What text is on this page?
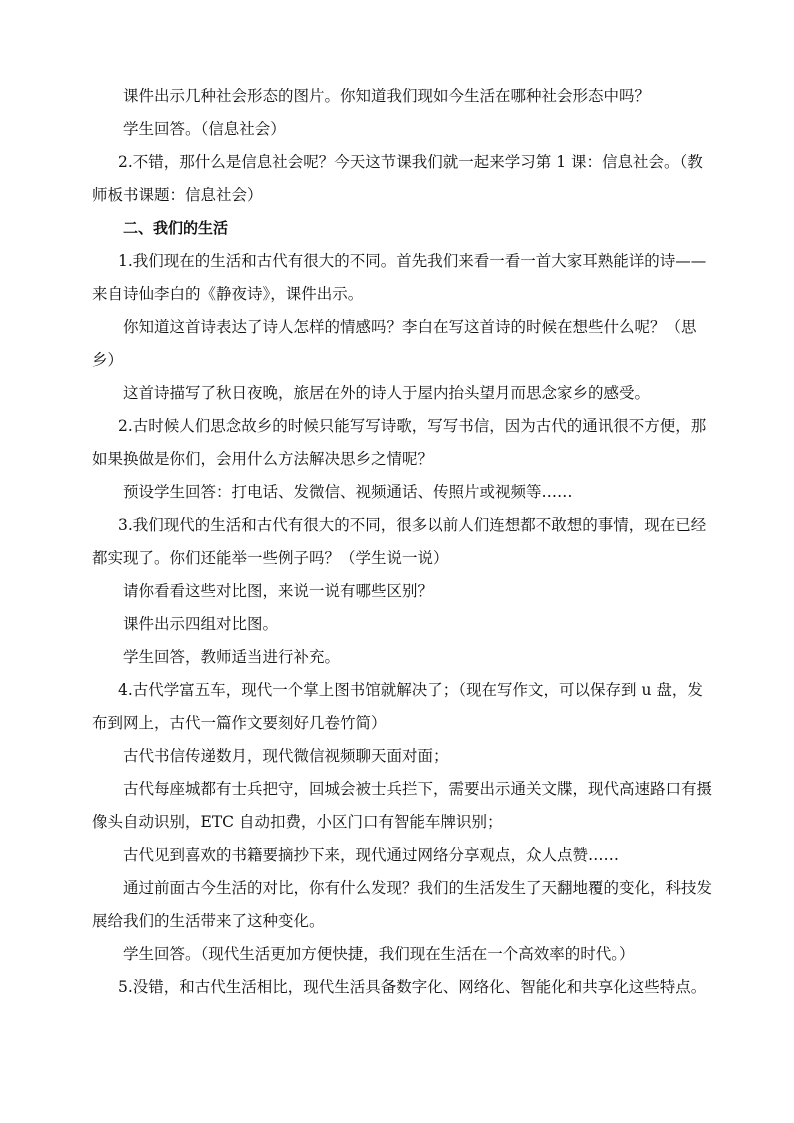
课件出示几种社会形态的图片。你知道我们现如今生活在哪种社会形态中吗？

学生回答。（信息社会）

2.不错，那什么是信息社会呢？今天这节课我们就一起来学习第 1 课：信息社会。（教师板书课题：信息社会）

二、我们的生活

1.我们现在的生活和古代有很大的不同。首先我们来看一看一首大家耳熟能详的诗——来自诗仙李白的《静夜诗》，课件出示。

你知道这首诗表达了诗人怎样的情感吗？李白在写这首诗的时候在想些什么呢？（思乡）

这首诗描写了秋日夜晚，旅居在外的诗人于屋内抬头望月而思念家乡的感受。

2.古时候人们思念故乡的时候只能写写诗歌，写写书信，因为古代的通讯很不方便，那如果换做是你们，会用什么方法解决思乡之情呢？

预设学生回答：打电话、发微信、视频通话、传照片或视频等……

3.我们现代的生活和古代有很大的不同，很多以前人们连想都不敢想的事情，现在已经都实现了。你们还能举一些例子吗？（学生说一说）

请你看看这些对比图，来说一说有哪些区别？

课件出示四组对比图。

学生回答，教师适当进行补充。

4.古代学富五车，现代一个掌上图书馆就解决了；（现在写作文，可以保存到 u 盘，发布到网上，古代一篇作文要刻好几卷竹简）

古代书信传递数月，现代微信视频聊天面对面；

古代每座城都有士兵把守，回城会被士兵拦下，需要出示通关文牒，现代高速路口有摄像头自动识别，ETC 自动扣费，小区门口有智能车牌识别；

古代见到喜欢的书籍要摘抄下来，现代通过网络分享观点，众人点赞……

通过前面古今生活的对比，你有什么发现？我们的生活发生了天翻地覆的变化，科技发展给我们的生活带来了这种变化。

学生回答。（现代生活更加方便快捷，我们现在生活在一个高效率的时代。）

5.没错，和古代生活相比，现代生活具备数字化、网络化、智能化和共享化这些特点。
